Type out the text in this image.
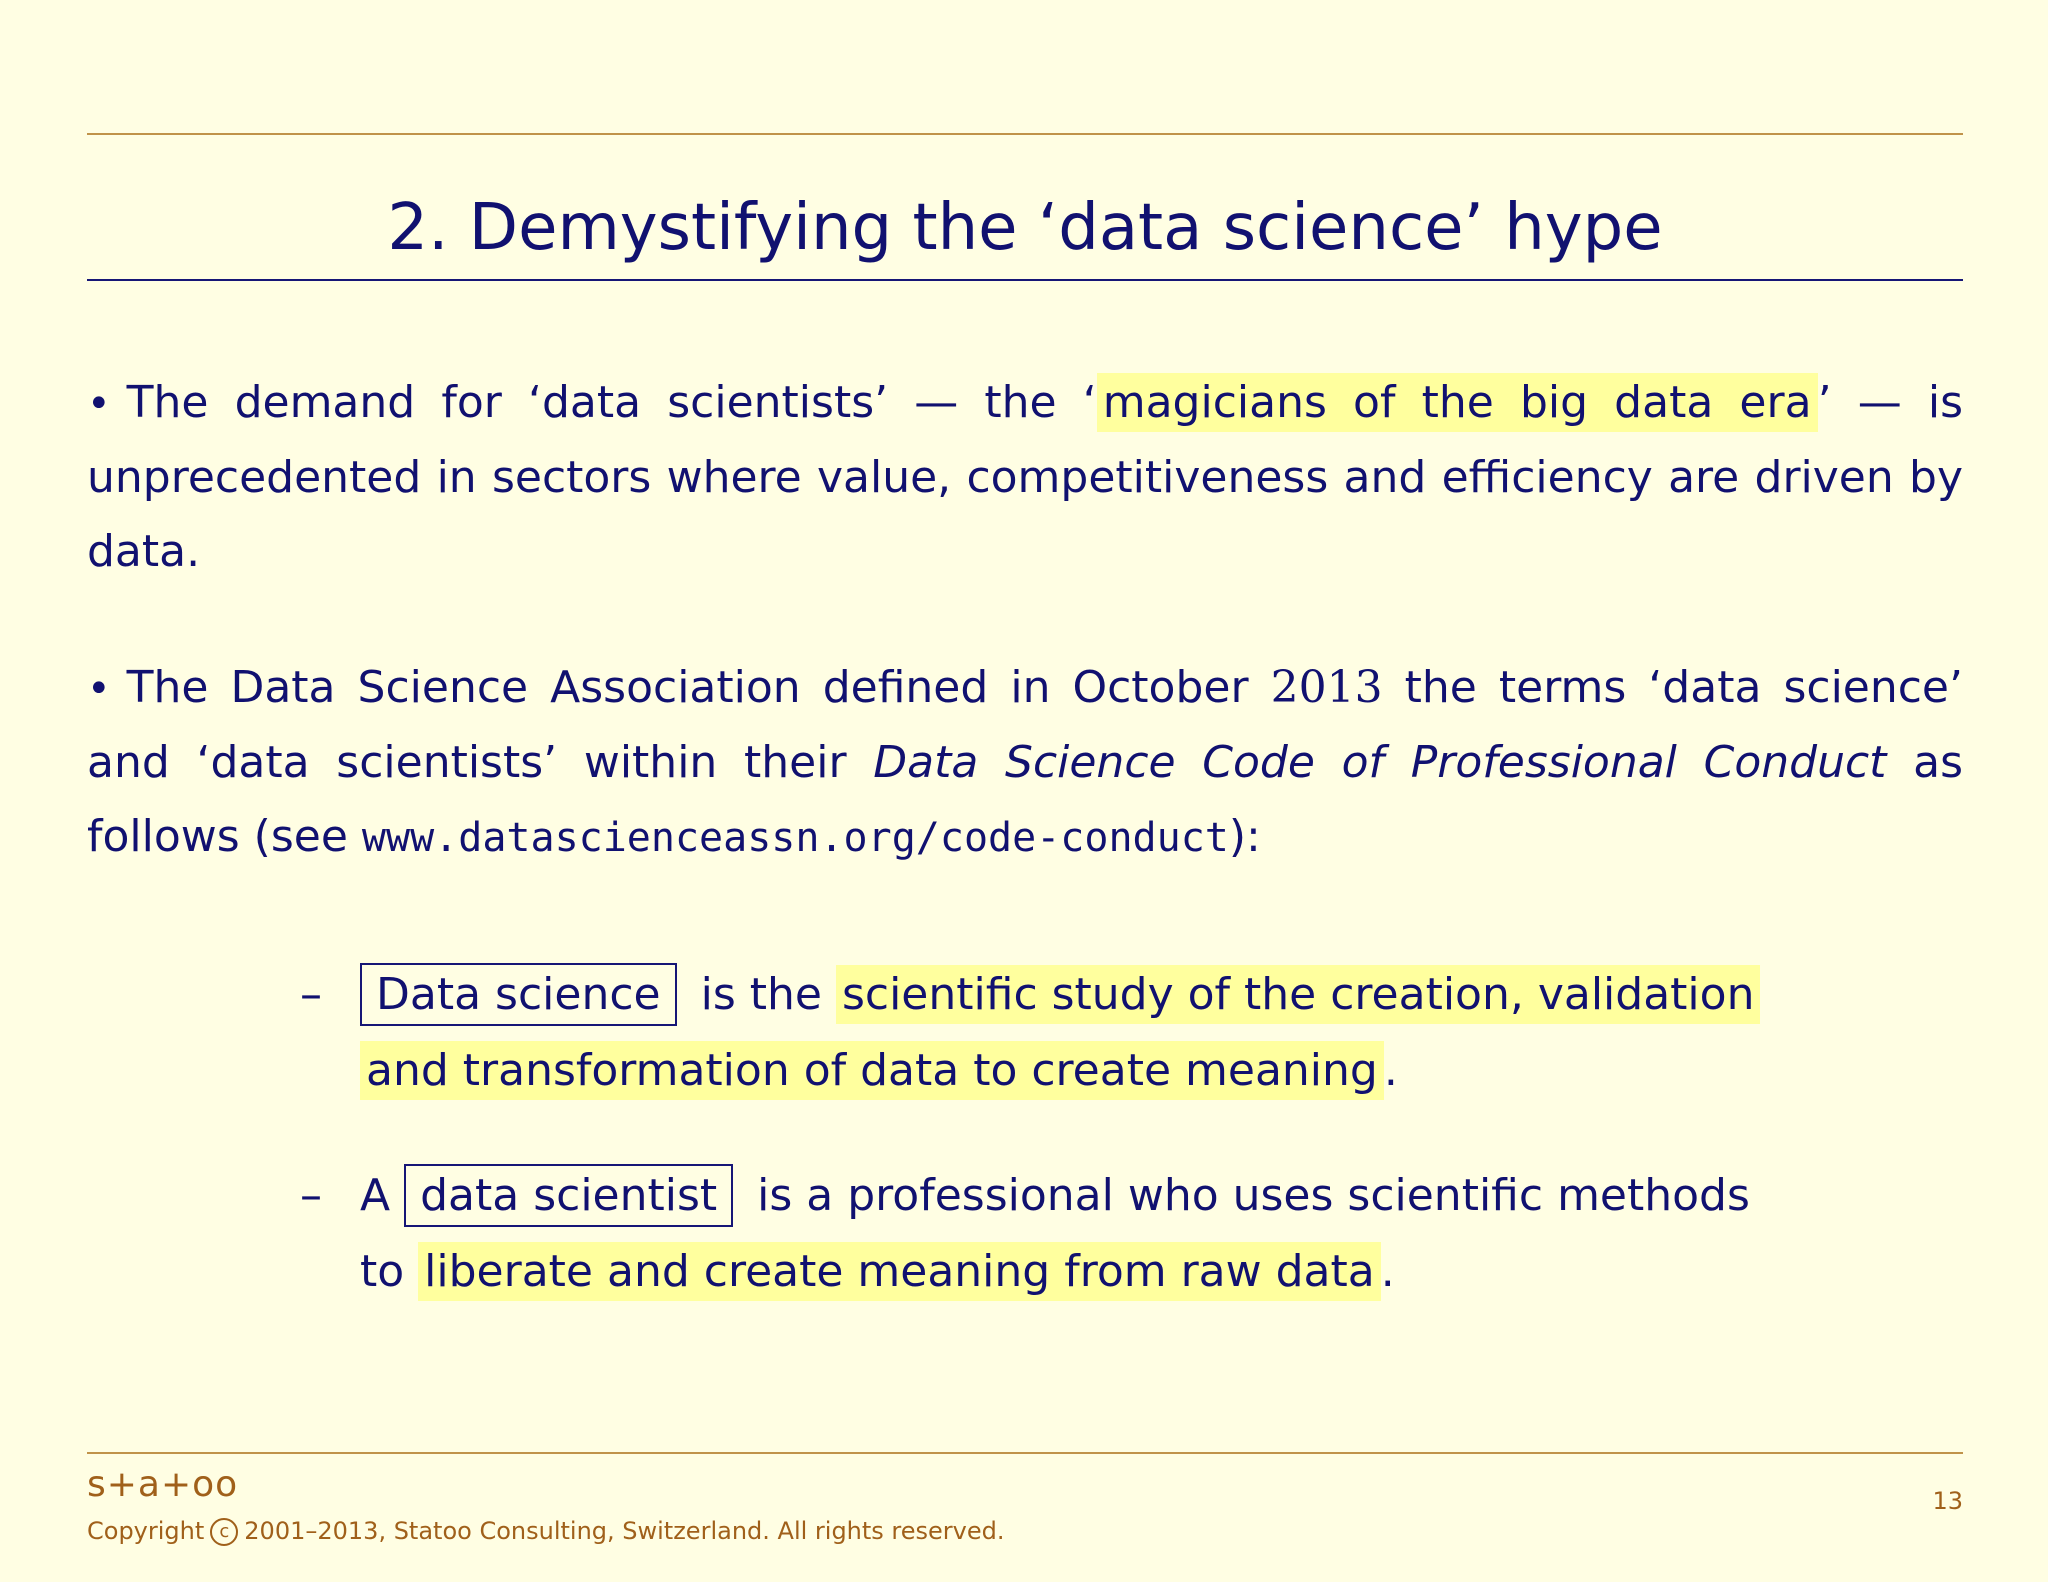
2. Demystifying the ‘data science’ hype
• The demand for ‘data scientists’ — the ‘ magicians of the big data era ’ — is unprecedented in sectors where value, competitiveness and efficiency are driven by data.
• The Data Science Association defined in October 2013 the terms ‘data science’ and ‘data scientists’ within their Data Science Code of Professional Conduct as follows (see www.datascienceassn.org/code-conduct):
– Data science is the scientific study of the creation, validation
and transformation of data to create meaning .
– A data scientist is a professional who uses scientific methods
to liberate and create meaning from raw data .
s+a+oo
Copyright c 2001–2013, Statoo Consulting, Switzerland. All rights reserved.
13
